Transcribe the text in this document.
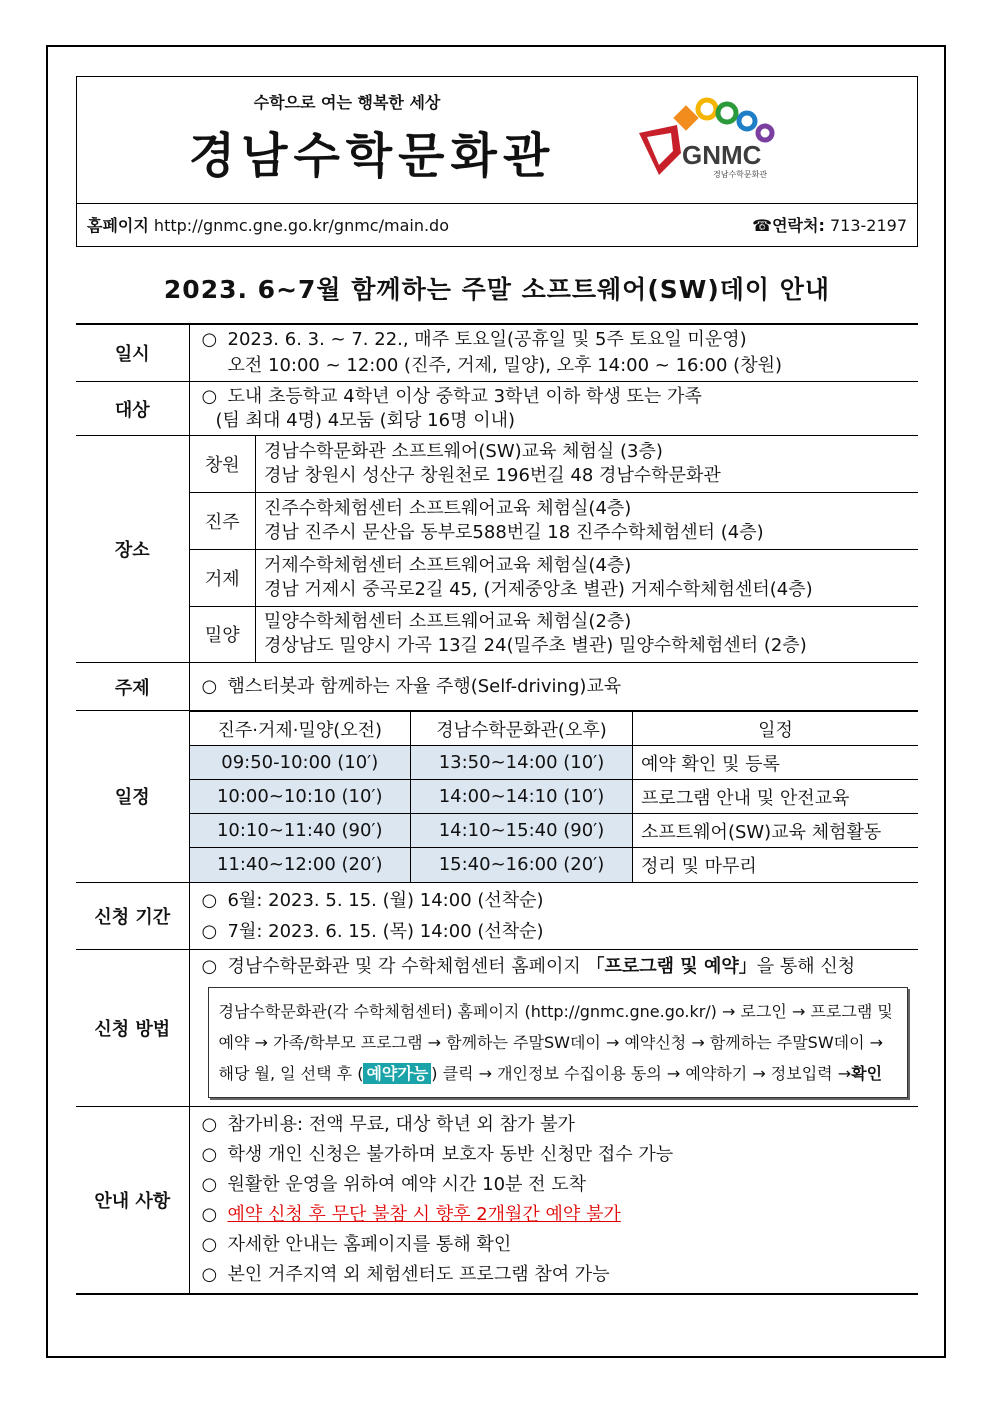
수학으로 여는 행복한 세상
경남수학문화관	GNMC
경남수학문화관
홈페이지 http://gnmc.gne.go.kr/gnmc/main.do	☎연락처: 713-2197
2023. 6~7월 함께하는 주말 소프트웨어(SW)데이 안내
일시	
○ 2023. 6. 3. ~ 7. 22., 매주 토요일(공휴일 및 5주 토요일 미운영)
오전 10:00 ~ 12:00 (진주, 거제, 밀양), 오후 14:00 ~ 16:00 (창원)

대상	
○ 도내 초등학교 4학년 이상 중학교 3학년 이하 학생 또는 가족
(팀 최대 4명) 4모둠 (회당 16명 이내)

장소	
창원	
경남수학문화관 소프트웨어(SW)교육 체험실 (3층)
경남 창원시 성산구 창원천로 196번길 48 경남수학문화관

진주	
진주수학체험센터 소프트웨어교육 체험실(4층)
경남 진주시 문산읍 동부로588번길 18 진주수학체험센터 (4층)

거제	
거제수학체험센터 소프트웨어교육 체험실(4층)
경남 거제시 중곡로2길 45, (거제중앙초 별관) 거제수학체험센터(4층)

밀양	
밀양수학체험센터 소프트웨어교육 체험실(2층)
경상남도 밀양시 가곡 13길 24(밀주초 별관) 밀양수학체험센터 (2층)

주제	○ 햄스터봇과 함께하는 자율 주행(Self-driving)교육

일정	
진주·거제·밀양(오전)	경남수학문화관(오후)	일정
09:50-10:00 (10′)	13:50~14:00 (10′)	예약 확인 및 등록
10:00~10:10 (10′)	14:00~14:10 (10′)	프로그램 안내 및 안전교육
10:10~11:40 (90′)	14:10~15:40 (90′)	소프트웨어(SW)교육 체험활동
11:40~12:00 (20′)	15:40~16:00 (20′)	정리 및 마무리

신청 기간	
○ 6월: 2023. 5. 15. (월) 14:00 (선착순)
○ 7월: 2023. 6. 15. (목) 14:00 (선착순)

신청 방법	
○ 경남수학문화관 및 각 수학체험센터 홈페이지 「프로그램 및 예약」을 통해 신청
경남수학문화관(각 수학체험센터) 홈페이지 (http://gnmc.gne.go.kr/) → 로그인 → 프로그램 및 예약 → 가족/학부모 프로그램 → 함께하는 주말SW데이 → 예약신청 → 함께하는 주말SW데이 → 해당 월, 일 선택 후 ( 예약가능 ) 클릭 → 개인정보 수집이용 동의 → 예약하기 → 정보입력 →확인

안내 사항	
○ 참가비용: 전액 무료, 대상 학년 외 참가 불가
○ 학생 개인 신청은 불가하며 보호자 동반 신청만 접수 가능
○ 원활한 운영을 위하여 예약 시간 10분 전 도착
○ 예약 신청 후 무단 불참 시 향후 2개월간 예약 불가
○ 자세한 안내는 홈페이지를 통해 확인
○ 본인 거주지역 외 체험센터도 프로그램 참여 가능
